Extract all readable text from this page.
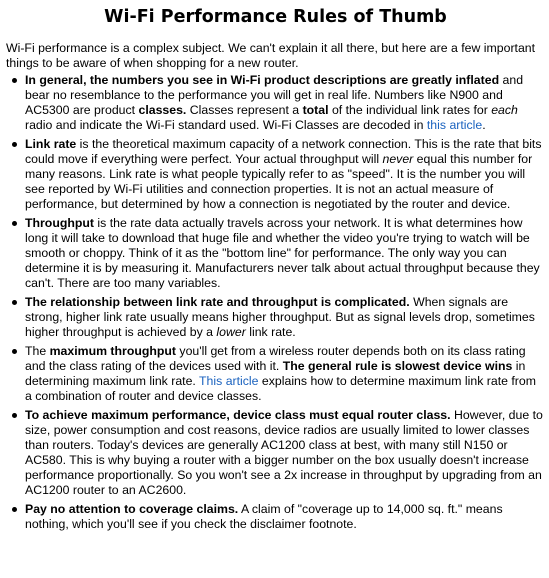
Wi-Fi Performance Rules of Thumb

Wi-Fi performance is a complex subject. We can't explain it all there, but here are a few important things to be aware of when shopping for a new router.

In general, the numbers you see in Wi-Fi product descriptions are greatly inflated and bear no resemblance to the performance you will get in real life. Numbers like N900 and AC5300 are product classes. Classes represent a total of the individual link rates for each radio and indicate the Wi-Fi standard used. Wi-Fi Classes are decoded in this article.
Link rate is the theoretical maximum capacity of a network connection. This is the rate that bits could move if everything were perfect. Your actual throughput will never equal this number for many reasons. Link rate is what people typically refer to as "speed". It is the number you will see reported by Wi-Fi utilities and connection properties. It is not an actual measure of performance, but determined by how a connection is negotiated by the router and device.
Throughput is the rate data actually travels across your network. It is what determines how long it will take to download that huge file and whether the video you're trying to watch will be smooth or choppy. Think of it as the "bottom line" for performance. The only way you can determine it is by measuring it. Manufacturers never talk about actual throughput because they can't. There are too many variables.
The relationship between link rate and throughput is complicated. When signals are strong, higher link rate usually means higher throughput. But as signal levels drop, sometimes higher throughput is achieved by a lower link rate.
The maximum throughput you'll get from a wireless router depends both on its class rating and the class rating of the devices used with it. The general rule is slowest device wins in determining maximum link rate. This article explains how to determine maximum link rate from a combination of router and device classes.
To achieve maximum performance, device class must equal router class. However, due to size, power consumption and cost reasons, device radios are usually limited to lower classes than routers. Today's devices are generally AC1200 class at best, with many still N150 or AC580. This is why buying a router with a bigger number on the box usually doesn't increase performance proportionally. So you won't see a 2x increase in throughput by upgrading from an AC1200 router to an AC2600.
Pay no attention to coverage claims. A claim of "coverage up to 14,000 sq. ft." means nothing, which you'll see if you check the disclaimer footnote.
